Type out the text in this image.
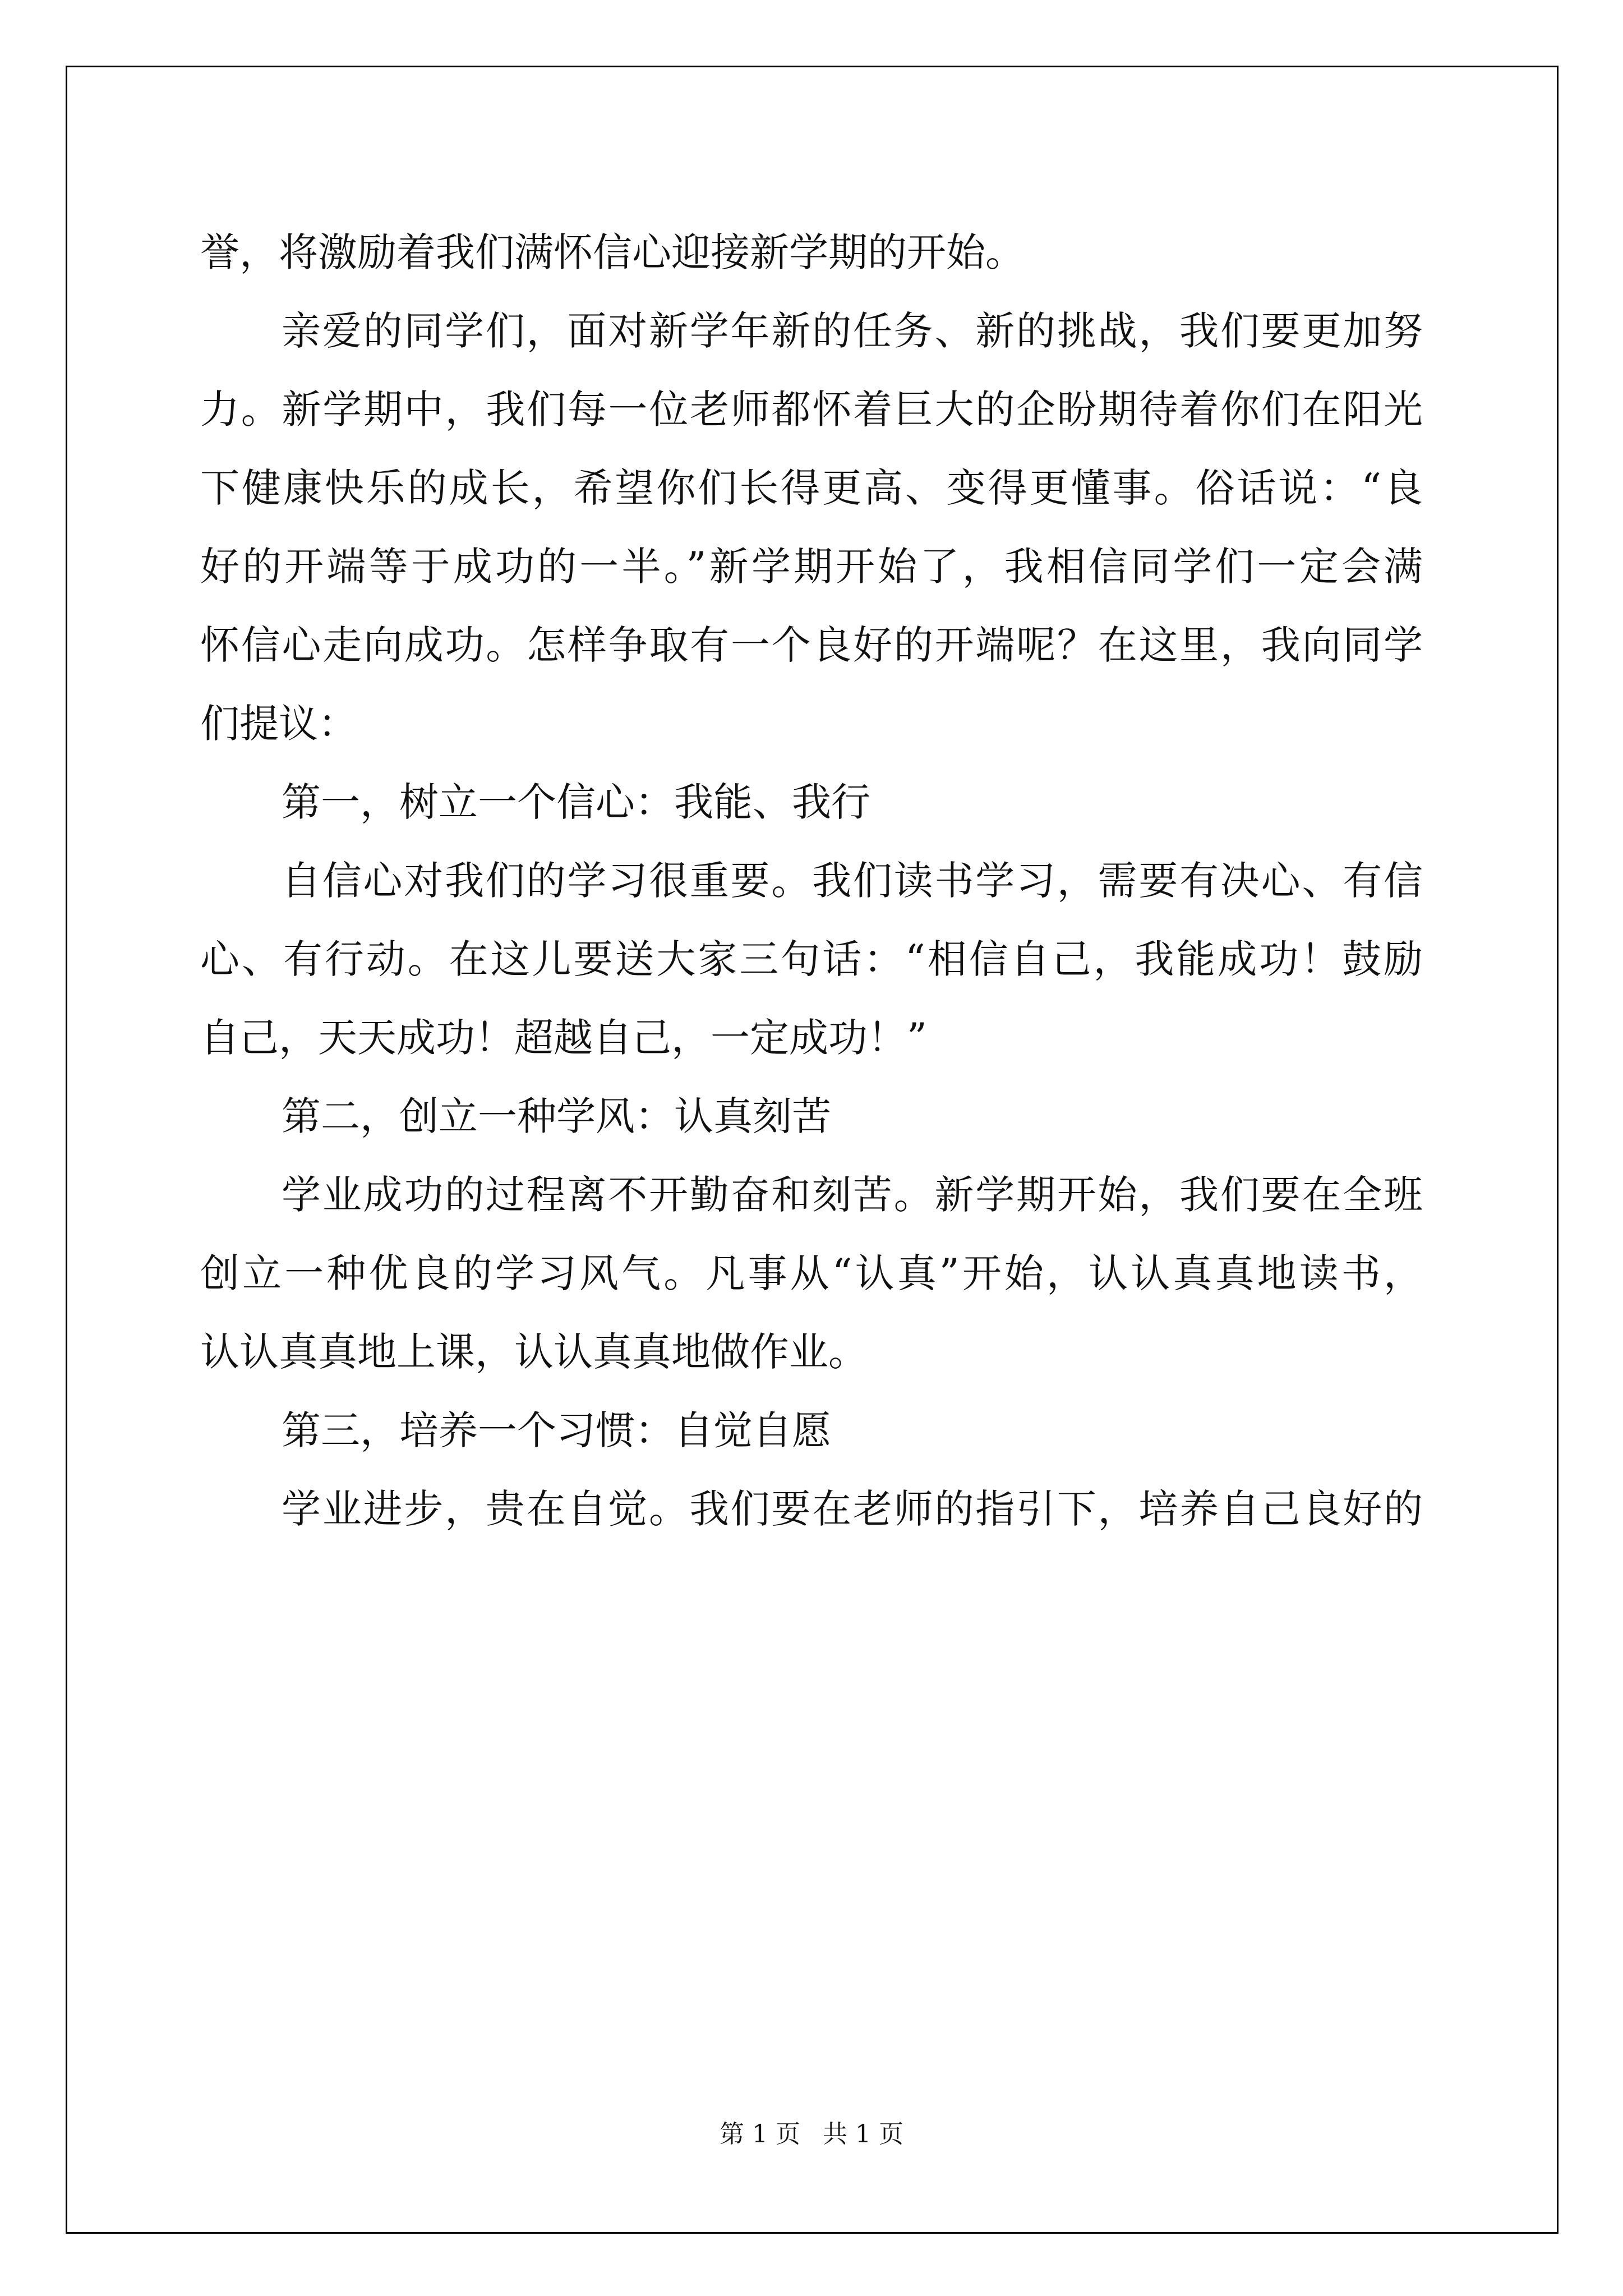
誉，将激励着我们满怀信心迎接新学期的开始。

亲爱的同学们，面对新学年新的任务、新的挑战，我们要更加努

力。新学期中，我们每一位老师都怀着巨大的企盼期待着你们在阳光

下健康快乐的成长，希望你们长得更高、变得更懂事。俗话说：“良

好的开端等于成功的一半。”新学期开始了，我相信同学们一定会满

怀信心走向成功。怎样争取有一个良好的开端呢？在这里，我向同学

们提议：

第一，树立一个信心：我能、我行

自信心对我们的学习很重要。我们读书学习，需要有决心、有信

心、有行动。在这儿要送大家三句话：“相信自己，我能成功！鼓励

自己，天天成功！超越自己，一定成功！”

第二，创立一种学风：认真刻苦

学业成功的过程离不开勤奋和刻苦。新学期开始，我们要在全班

创立一种优良的学习风气。凡事从“认真”开始，认认真真地读书，

认认真真地上课，认认真真地做作业。

第三，培养一个习惯：自觉自愿

学业进步，贵在自觉。我们要在老师的指引下，培养自己良好的

第 1 页 共 1 页
